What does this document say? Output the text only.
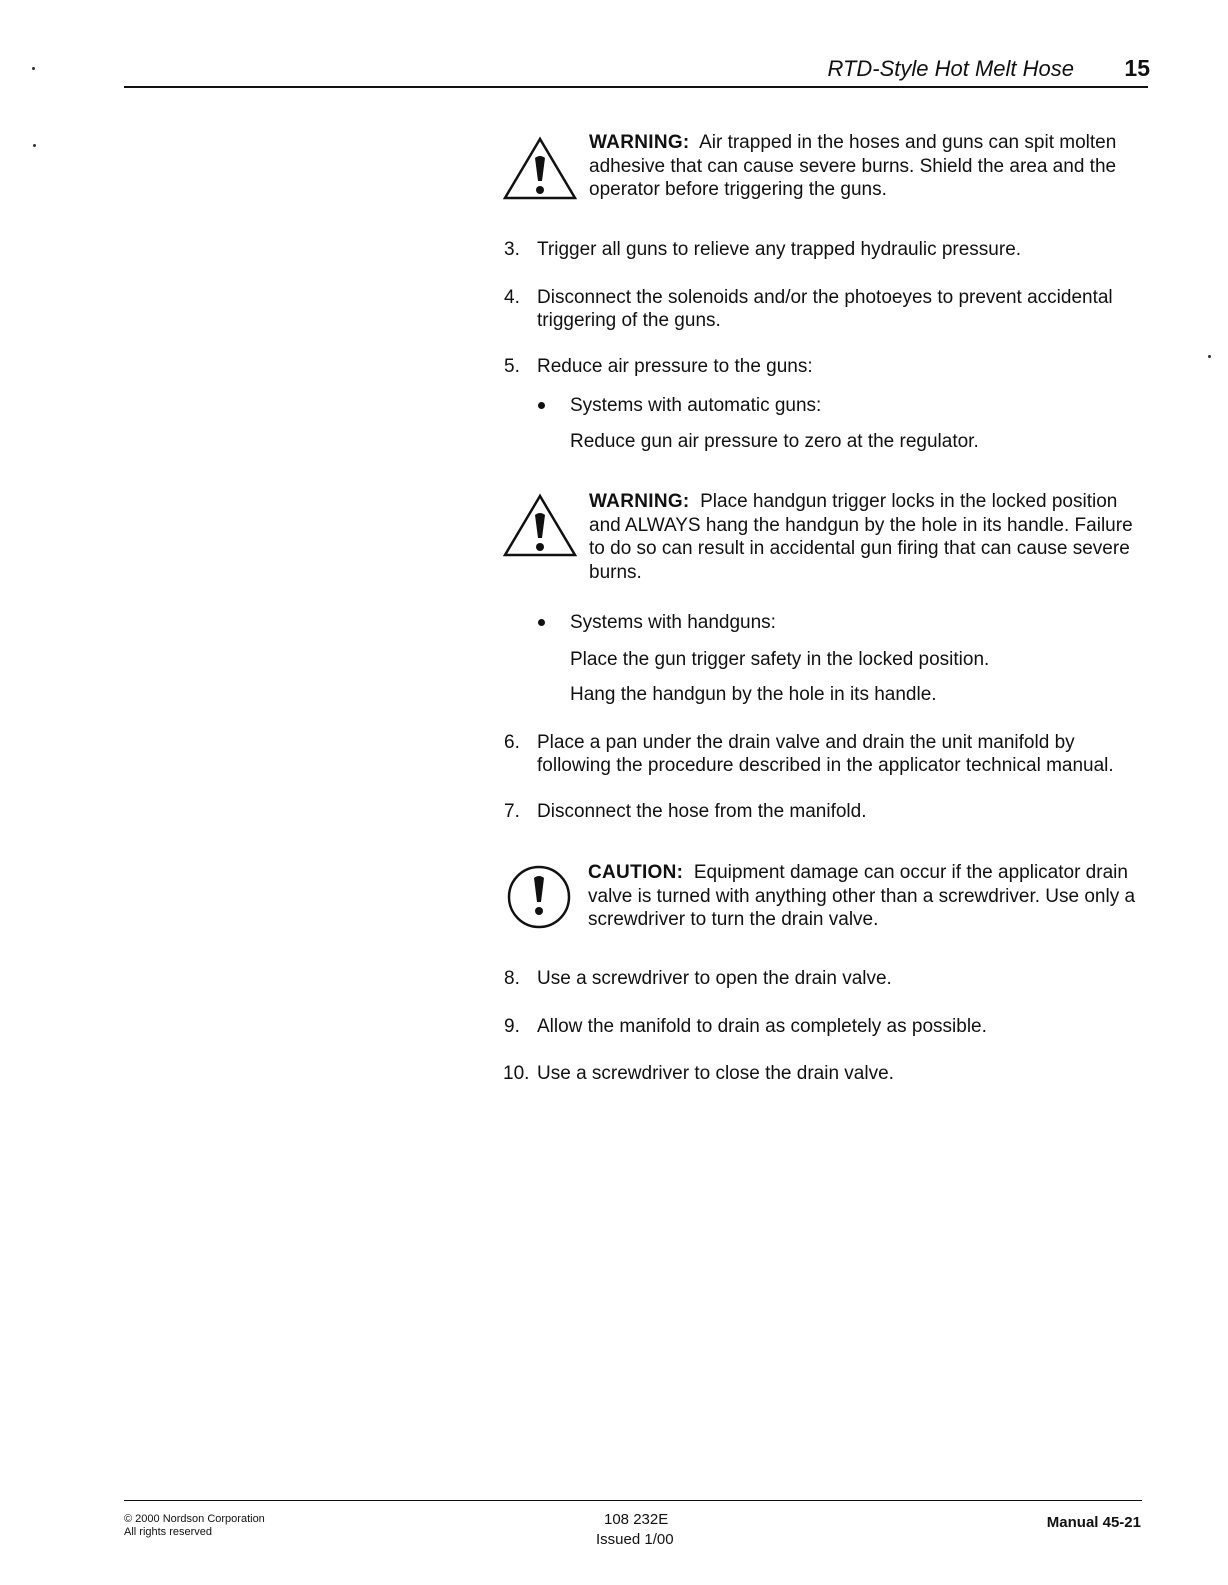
RTD-Style Hot Melt Hose	15
WARNING: Air trapped in the hoses and guns can spit molten adhesive that can cause severe burns. Shield the area and the operator before triggering the guns.
3. Trigger all guns to relieve any trapped hydraulic pressure.
4. Disconnect the solenoids and/or the photoeyes to prevent accidental
triggering of the guns.
5. Reduce air pressure to the guns:
Systems with automatic guns:
Reduce gun air pressure to zero at the regulator.
WARNING: Place handgun trigger locks in the locked position and ALWAYS hang the handgun by the hole in its handle. Failure to do so can result in accidental gun firing that can cause severe burns.
Systems with handguns:
Place the gun trigger safety in the locked position.
Hang the handgun by the hole in its handle.
6. Place a pan under the drain valve and drain the unit manifold by
following the procedure described in the applicator technical manual.
7. Disconnect the hose from the manifold.
CAUTION: Equipment damage can occur if the applicator drain valve is turned with anything other than a screwdriver. Use only a screwdriver to turn the drain valve.
8. Use a screwdriver to open the drain valve.
9. Allow the manifold to drain as completely as possible.
10. Use a screwdriver to close the drain valve.
© 2000 Nordson Corporation
All rights reserved
108 232E
Issued 1/00
Manual 45-21
